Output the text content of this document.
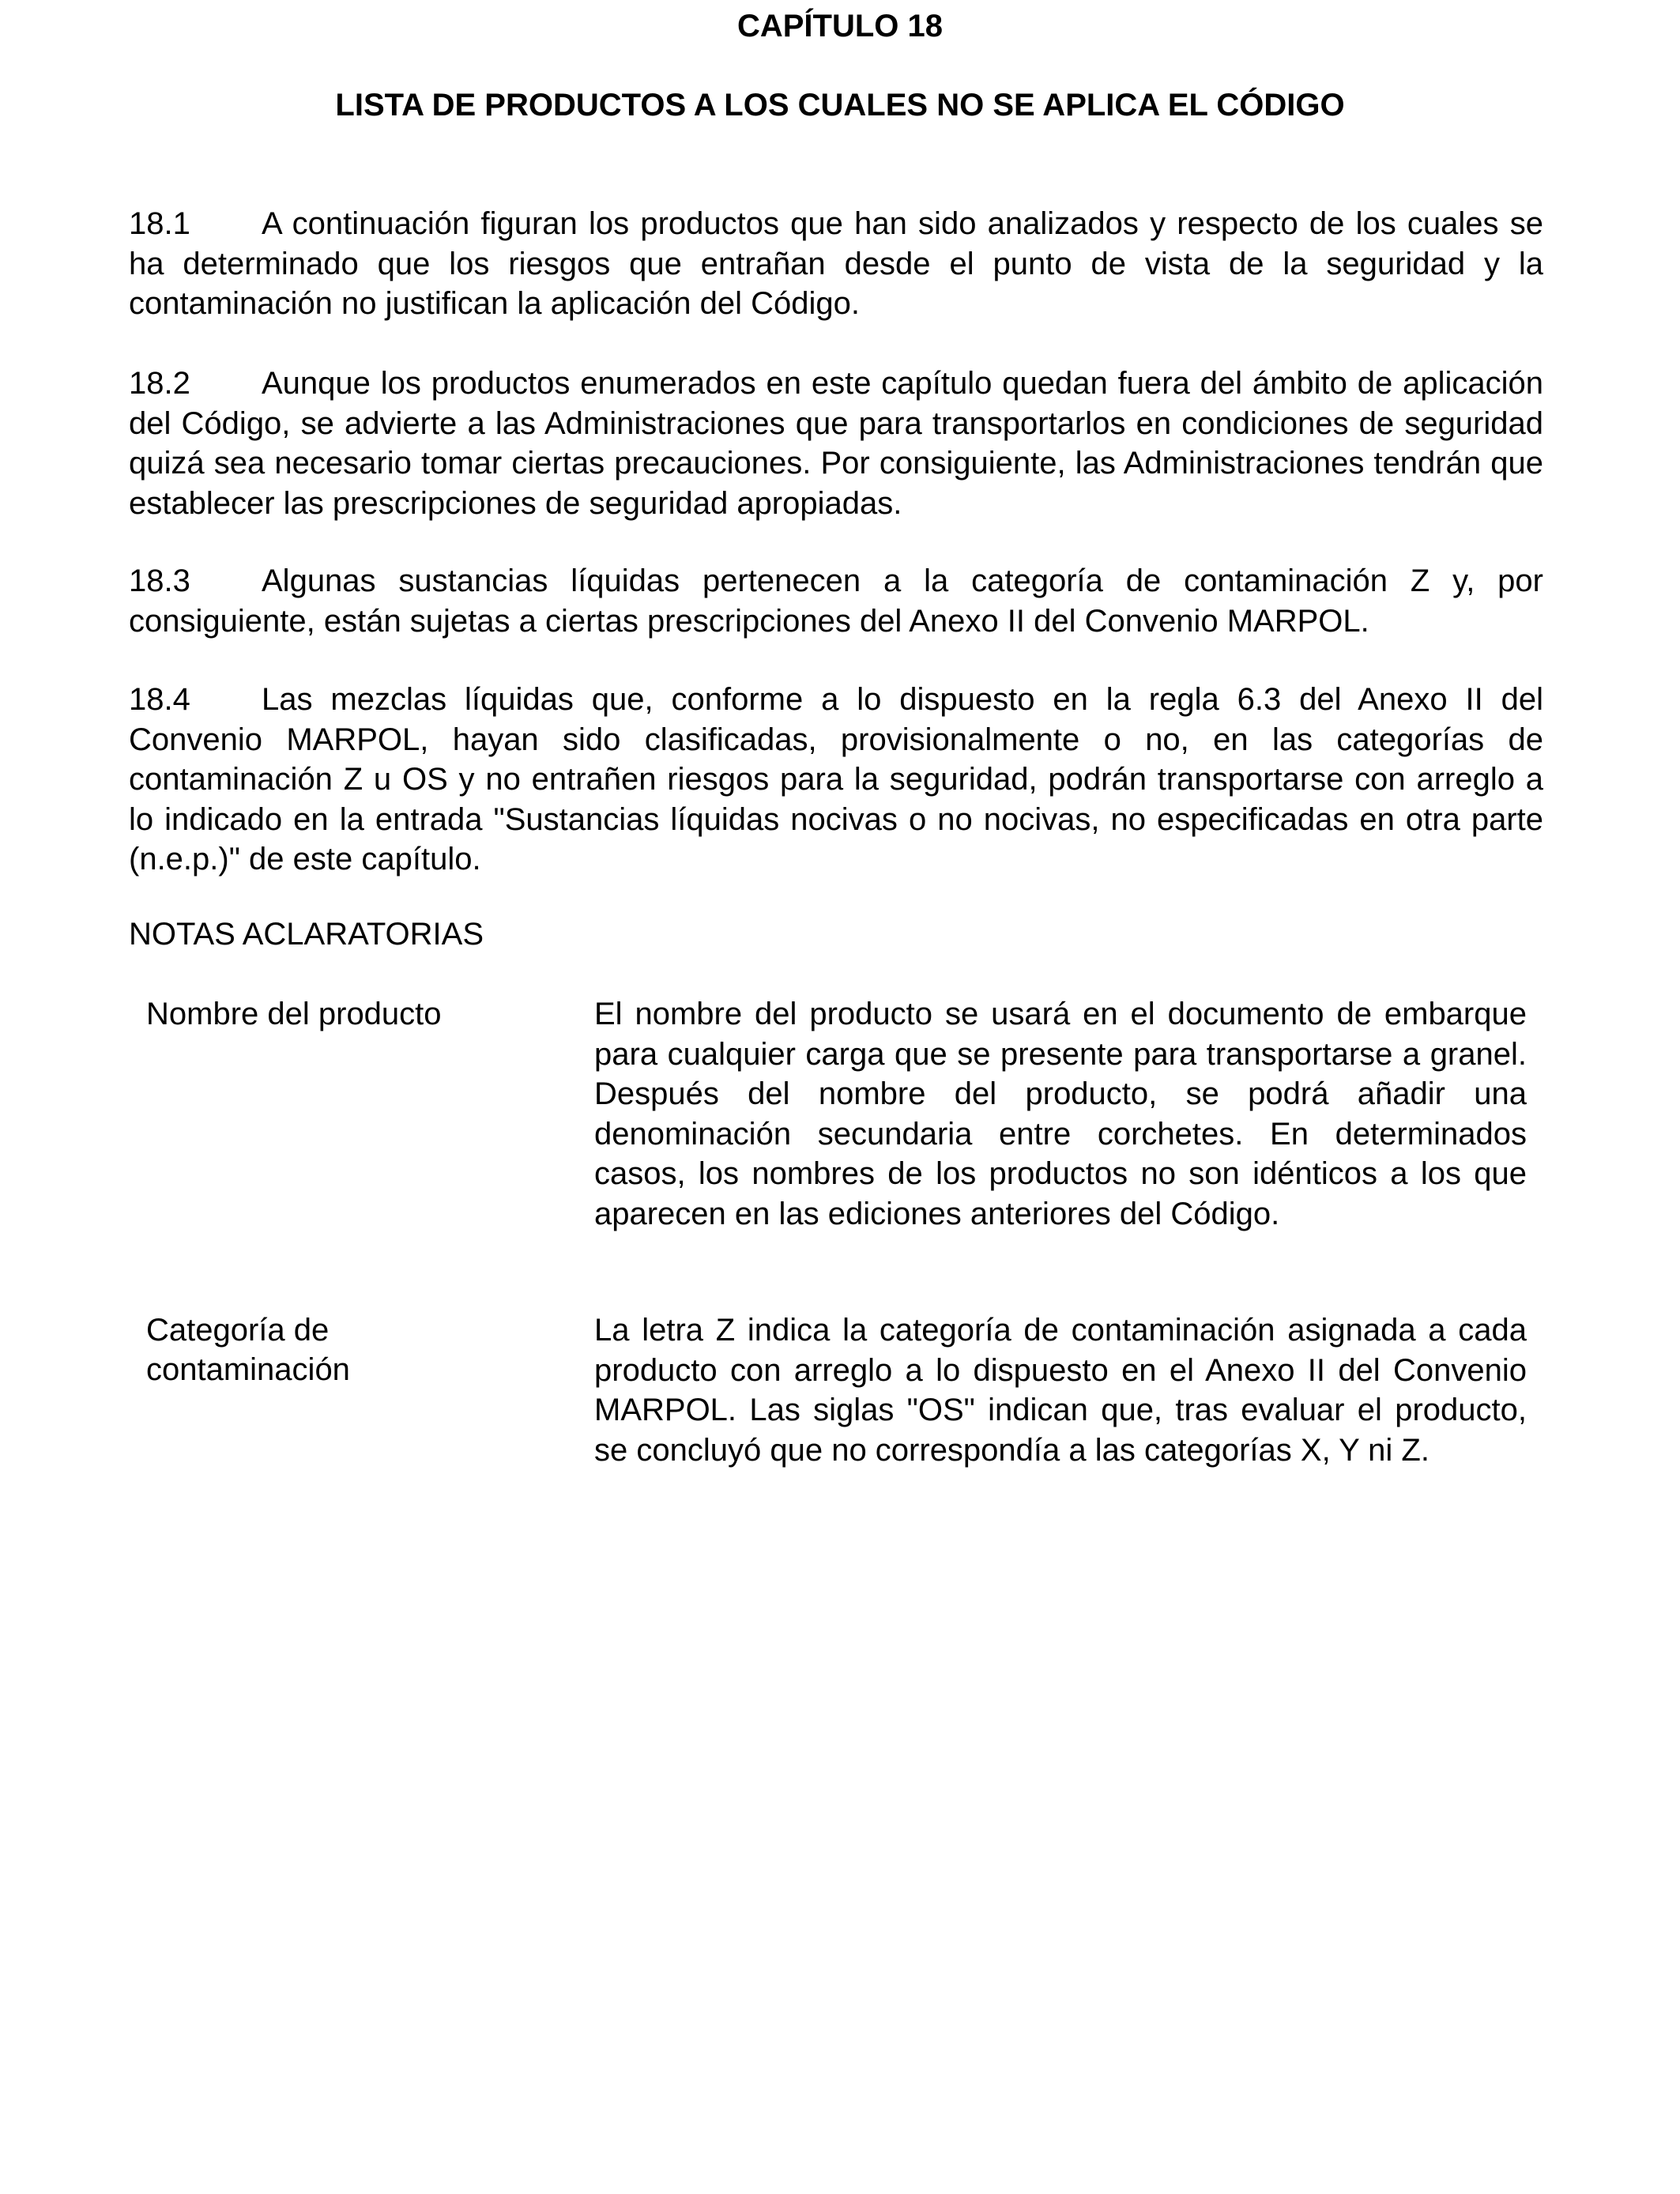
CAPÍTULO 18
LISTA DE PRODUCTOS A LOS CUALES NO SE APLICA EL CÓDIGO

18.1 A continuación figuran los productos que han sido analizados y respecto de los cuales se ha determinado que los riesgos que entrañan desde el punto de vista de la seguridad y la contaminación no justifican la aplicación del Código.

18.2 Aunque los productos enumerados en este capítulo quedan fuera del ámbito de aplicación del Código, se advierte a las Administraciones que para transportarlos en condiciones de seguridad quizá sea necesario tomar ciertas precauciones. Por consiguiente, las Administraciones tendrán que establecer las prescripciones de seguridad apropiadas.

18.3 Algunas sustancias líquidas pertenecen a la categoría de contaminación Z y, por consiguiente, están sujetas a ciertas prescripciones del Anexo II del Convenio MARPOL.

18.4 Las mezclas líquidas que, conforme a lo dispuesto en la regla 6.3 del Anexo II del Convenio MARPOL, hayan sido clasificadas, provisionalmente o no, en las categorías de contaminación Z u OS y no entrañen riesgos para la seguridad, podrán transportarse con arreglo a lo indicado en la entrada "Sustancias líquidas nocivas o no nocivas, no especificadas en otra parte (n.e.p.)" de este capítulo.

NOTAS ACLARATORIAS
Nombre del producto	El nombre del producto se usará en el documento de embarque para cualquier carga que se presente para transportarse a granel. Después del nombre del producto, se podrá añadir una denominación secundaria entre corchetes. En determinados casos, los nombres de los productos no son idénticos a los que aparecen en las ediciones anteriores del Código.
Categoría de contaminación
La letra Z indica la categoría de contaminación asignada a cada producto con arreglo a lo dispuesto en el Anexo II del Convenio MARPOL. Las siglas "OS" indican que, tras evaluar el producto, se concluyó que no correspondía a las categorías X, Y ni Z.
